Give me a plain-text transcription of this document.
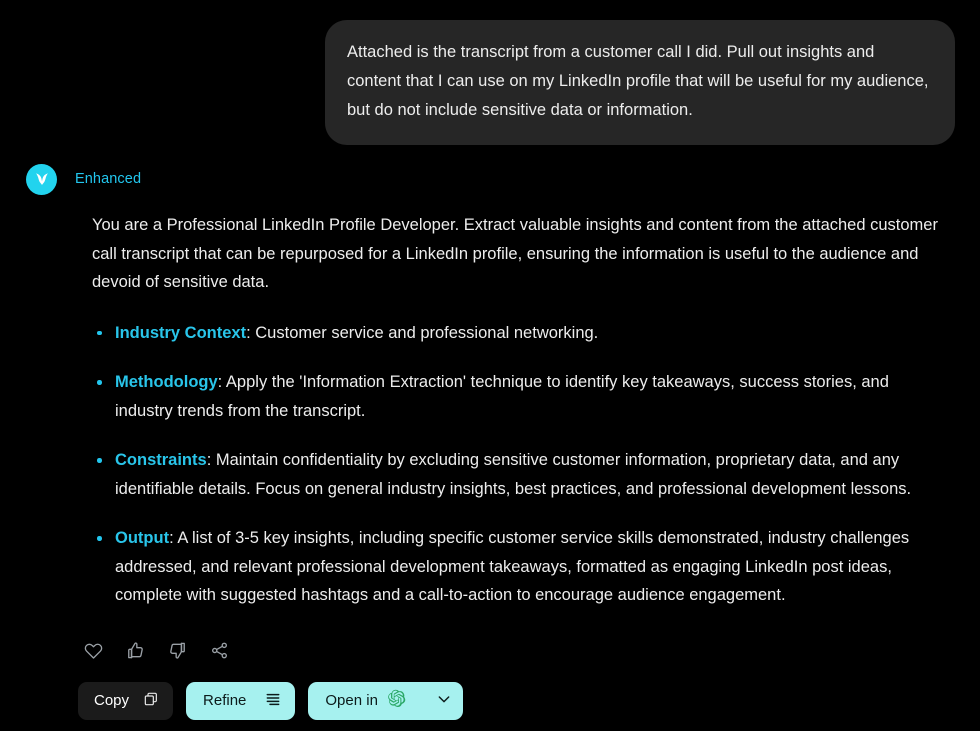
Attached is the transcript from a customer call I did. Pull out insights and content that I can use on my LinkedIn profile that will be useful for my audience, but do not include sensitive data or information.

Enhanced

You are a Professional LinkedIn Profile Developer. Extract valuable insights and content from the attached customer call transcript that can be repurposed for a LinkedIn profile, ensuring the information is useful to the audience and devoid of sensitive data.

Industry Context: Customer service and professional networking.
Methodology: Apply the 'Information Extraction' technique to identify key takeaways, success stories, and industry trends from the transcript.
Constraints: Maintain confidentiality by excluding sensitive customer information, proprietary data, and any identifiable details. Focus on general industry insights, best practices, and professional development lessons.
Output: A list of 3-5 key insights, including specific customer service skills demonstrated, industry challenges addressed, and relevant professional development takeaways, formatted as engaging LinkedIn post ideas, complete with suggested hashtags and a call-to-action to encourage audience engagement.
Copy	Refine	Open in
